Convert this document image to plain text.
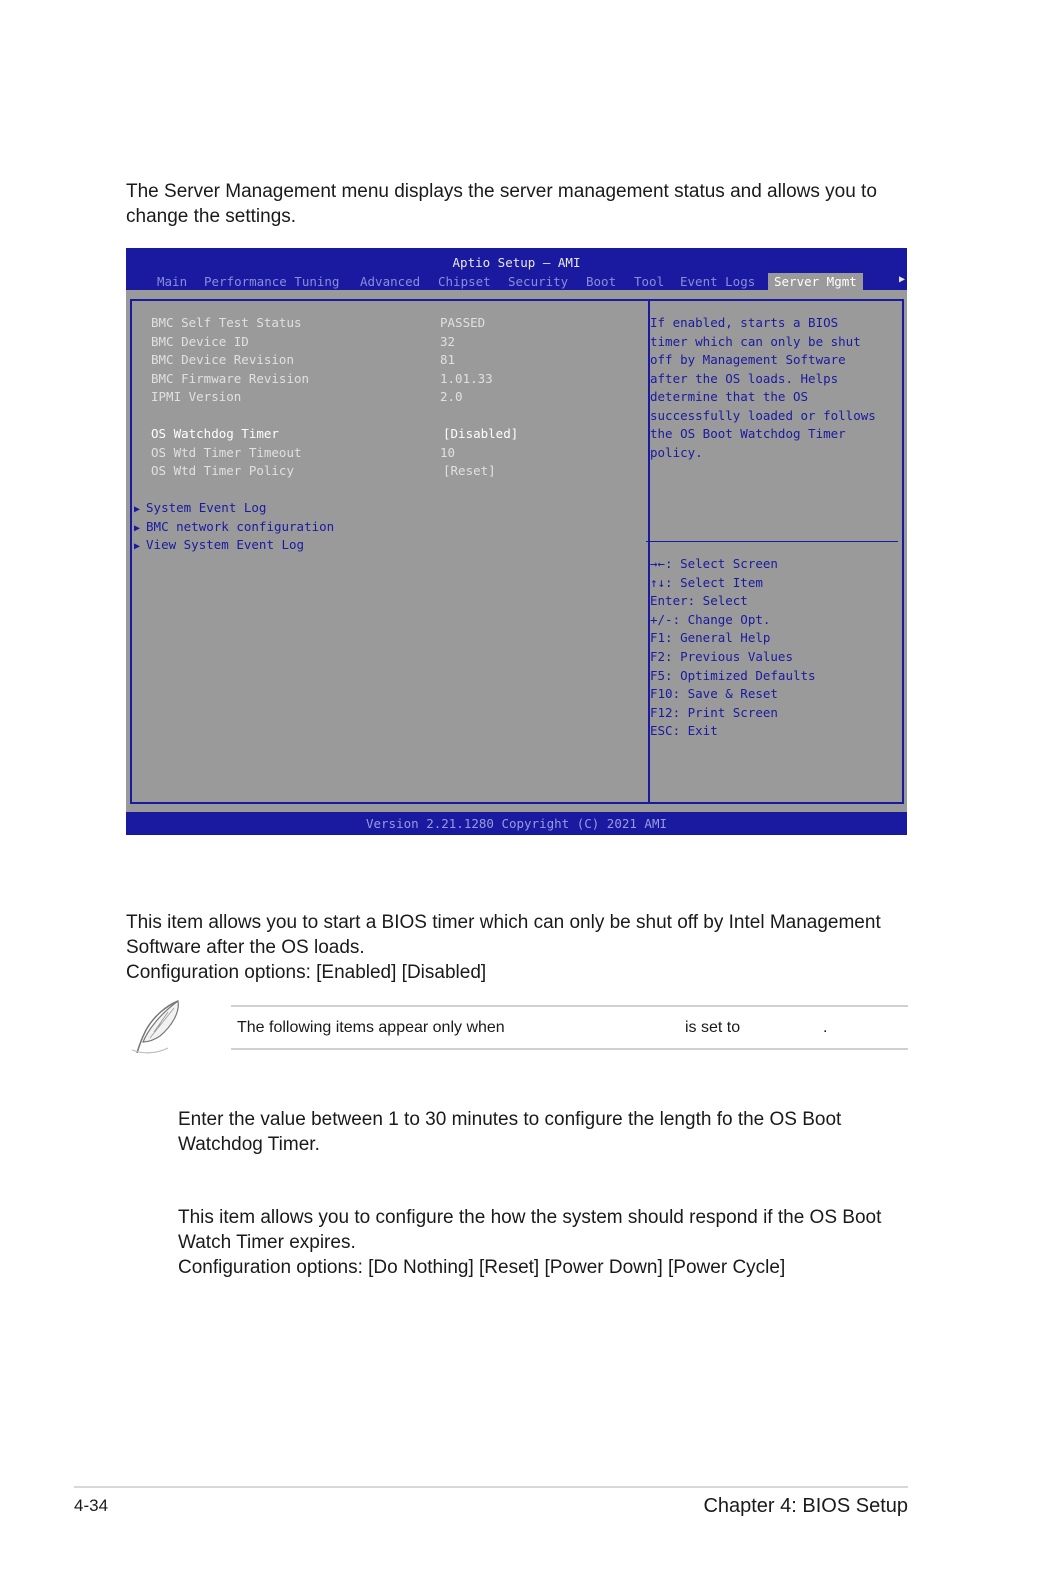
The Server Management menu displays the server management status and allows you to change the settings.
Aptio Setup – AMI
Main Performance Tuning Advanced Chipset Security Boot Tool Event Logs	Server Mgmt	▶
BMC Self Test Status	PASSED
BMC Device ID	32
BMC Device Revision	81
BMC Firmware Revision	1.01.33
IPMI Version	2.0
OS Watchdog Timer	[Disabled]
OS Wtd Timer Timeout	10
OS Wtd Timer Policy	[Reset]
▶ System Event Log
▶ BMC network configuration
▶ View System Event Log
If enabled, starts a BIOS
timer which can only be shut
off by Management Software
after the OS loads. Helps
determine that the OS
successfully loaded or follows
the OS Boot Watchdog Timer
policy.
→←: Select Screen
↑↓: Select Item
Enter: Select
+/-: Change Opt.
F1: General Help
F2: Previous Values
F5: Optimized Defaults
F10: Save & Reset
F12: Print Screen
ESC: Exit
Version 2.21.1280 Copyright (C) 2021 AMI
This item allows you to start a BIOS timer which can only be shut off by Intel Management
Software after the OS loads.
Configuration options: [Enabled] [Disabled]
The following items appear only when	is set to	.
Enter the value between 1 to 30 minutes to configure the length fo the OS Boot
Watchdog Timer.
This item allows you to configure the how the system should respond if the OS Boot
Watch Timer expires.
Configuration options: [Do Nothing] [Reset] [Power Down] [Power Cycle]
4-34	Chapter 4: BIOS Setup
